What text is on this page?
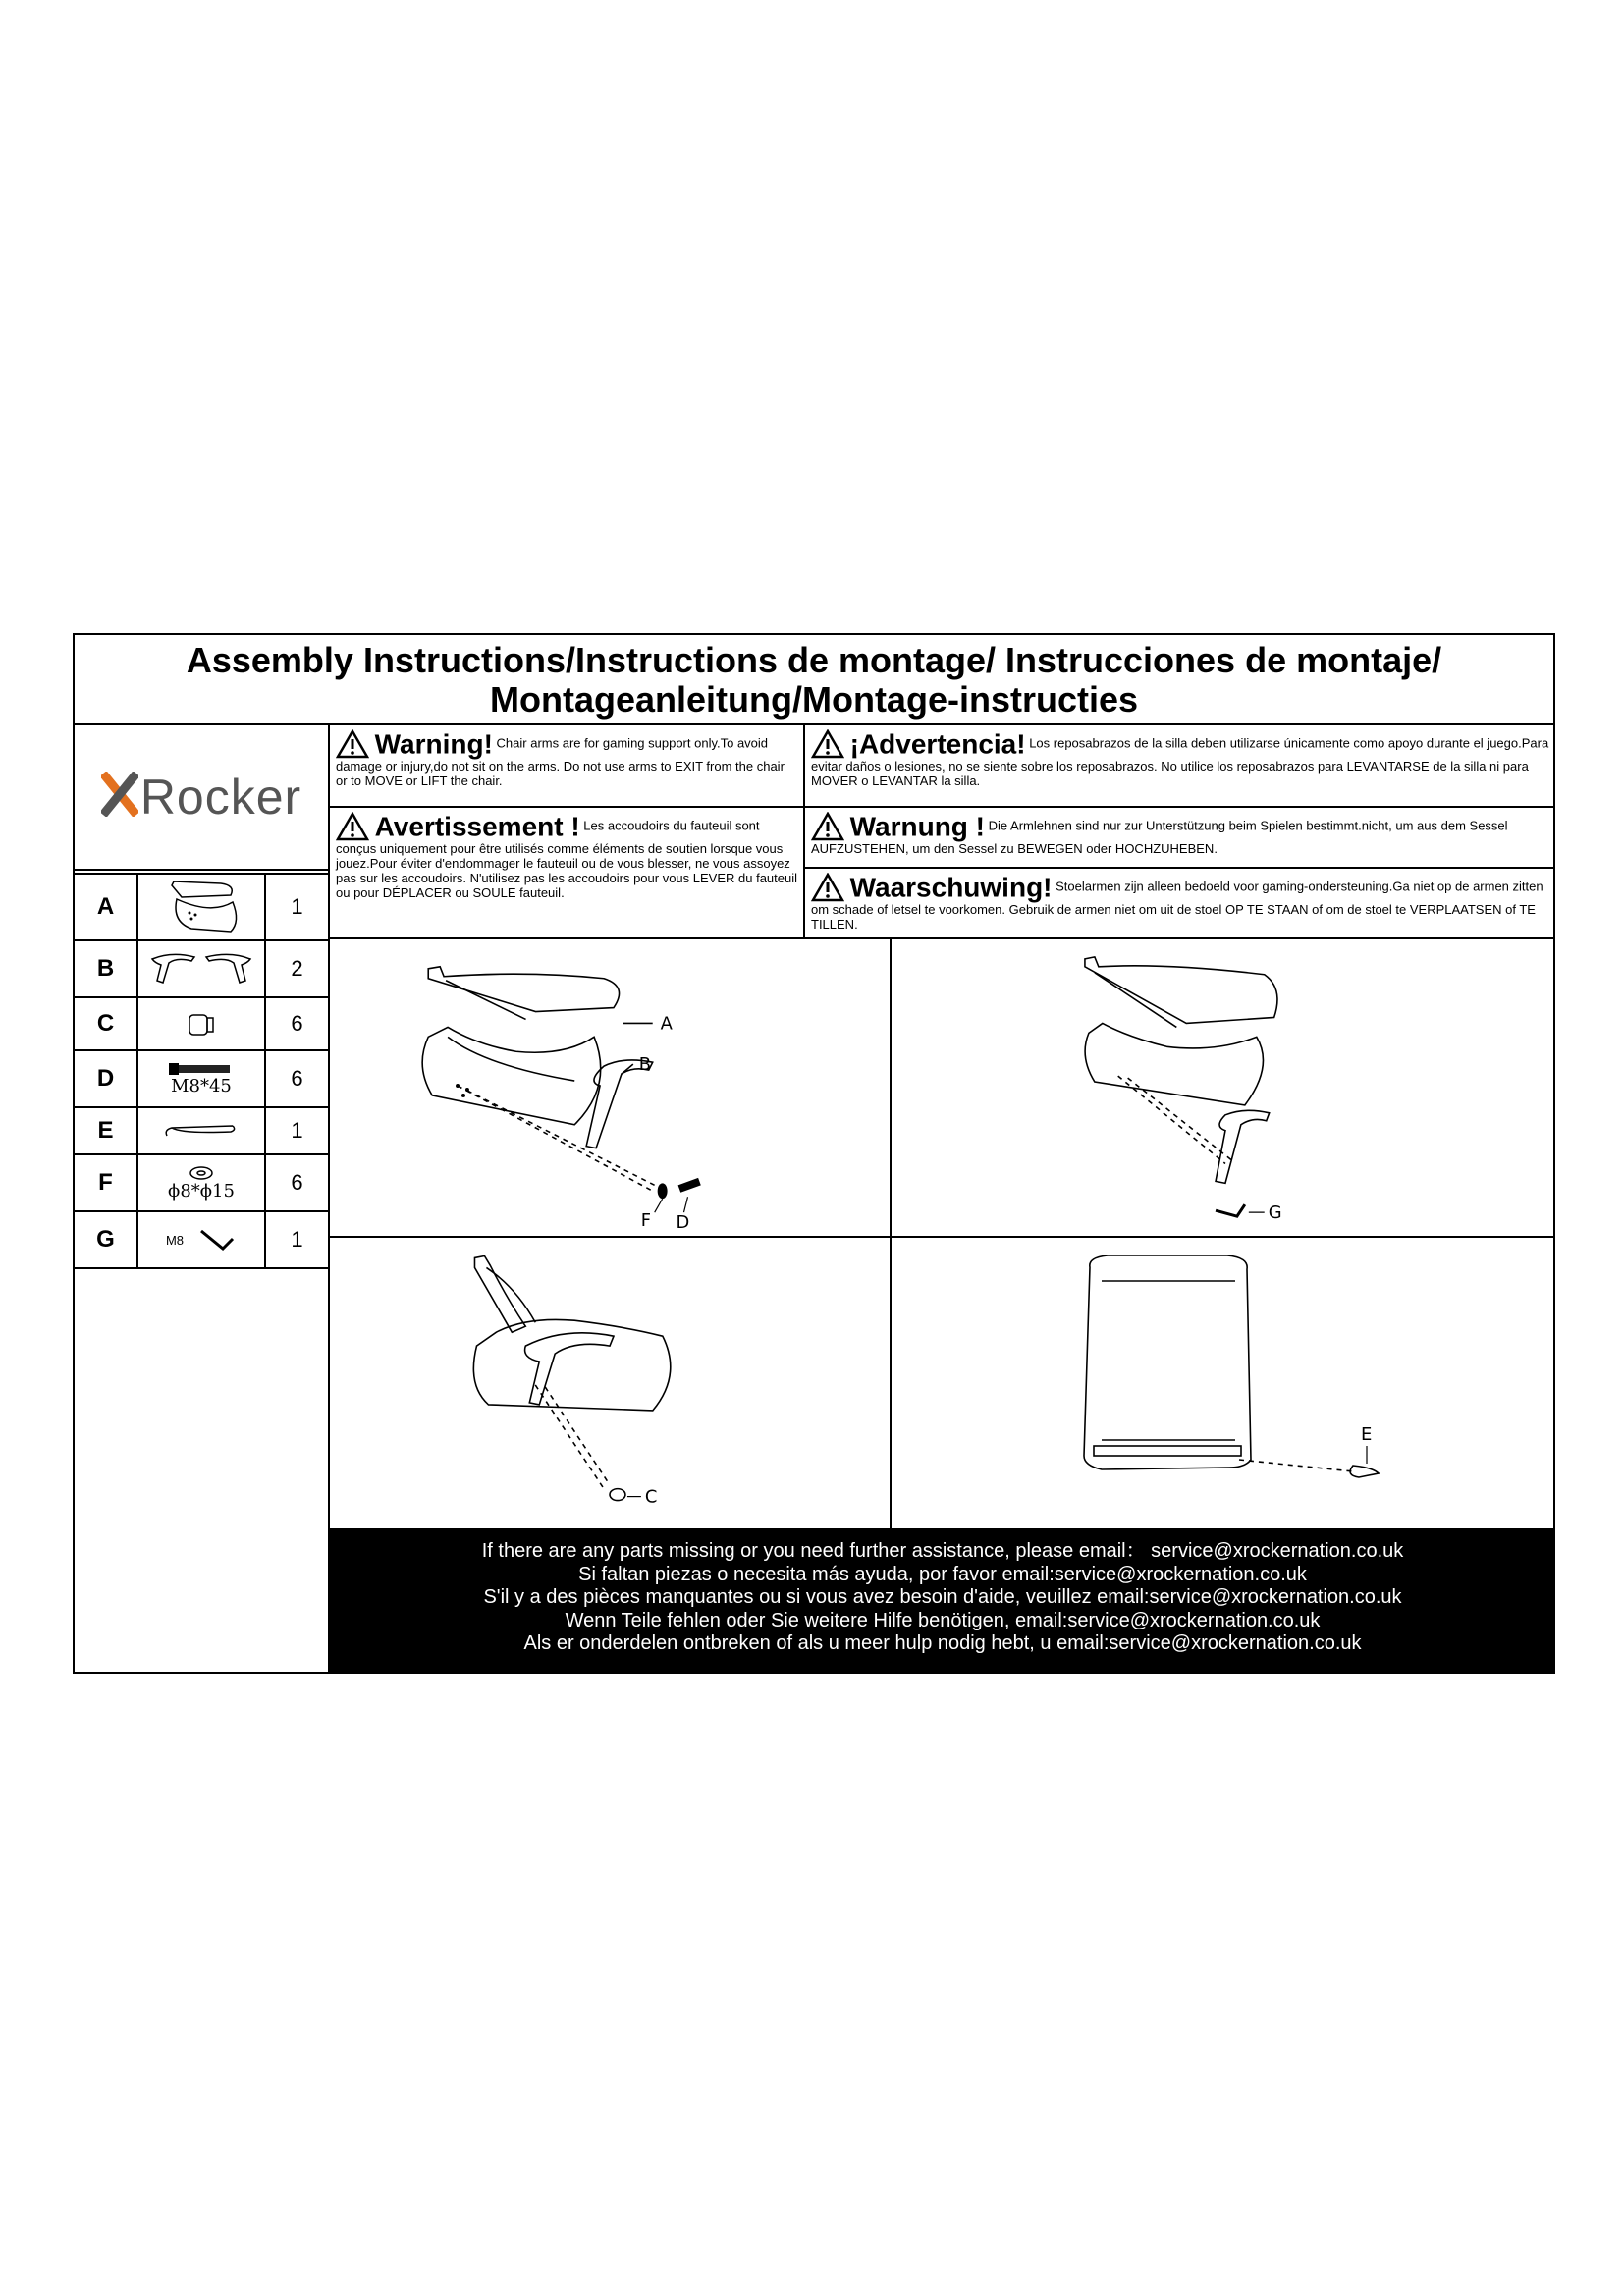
Assembly Instructions/Instructions de montage/ Instrucciones de montaje/
Montageanleitung/Montage-instructies
Rocker
A	1
B	2
C	6
D	M8*45	6
E	1
F	ϕ8*ϕ15	6
G	M8	1
Warning! Chair arms are for gaming support only.To avoid damage or injury,do not sit on the arms. Do not use arms to EXIT from the chair or to MOVE or LIFT the chair.
¡Advertencia! Los reposabrazos de la silla deben utilizarse únicamente como apoyo durante el juego.Para evitar daños o lesiones, no se siente sobre los reposabrazos. No utilice los reposabrazos para LEVANTARSE de la silla ni para MOVER o LEVANTAR la silla.
Avertissement ! Les accoudoirs du fauteuil sont conçus uniquement pour être utilisés comme éléments de soutien lorsque vous jouez.Pour éviter d'endommager le fauteuil ou de vous blesser, ne vous assoyez pas sur les accoudoirs. N'utilisez pas les accoudoirs pour vous LEVER du fauteuil ou pour DÉPLACER ou SOULE fauteuil.
Warnung ! Die Armlehnen sind nur zur Unterstützung beim Spielen bestimmt.nicht, um aus dem Sessel AUFZUSTEHEN, um den Sessel zu BEWEGEN oder HOCHZUHEBEN.
Waarschuwing! Stoelarmen zijn alleen bedoeld voor gaming-ondersteuning.Ga niet op de armen zitten om schade of letsel te voorkomen. Gebruik de armen niet om uit de stoel OP TE STAAN of om de stoel te VERPLAATSEN of TE TILLEN.
A
B
F D	G
C
E
If there are any parts missing or you need further assistance, please email： service@xrockernation.co.uk
Si faltan piezas o necesita más ayuda, por favor email:service@xrockernation.co.uk
S'il y a des pièces manquantes ou si vous avez besoin d'aide, veuillez email:service@xrockernation.co.uk
Wenn Teile fehlen oder Sie weitere Hilfe benötigen, email:service@xrockernation.co.uk
Als er onderdelen ontbreken of als u meer hulp nodig hebt, u email:service@xrockernation.co.uk
